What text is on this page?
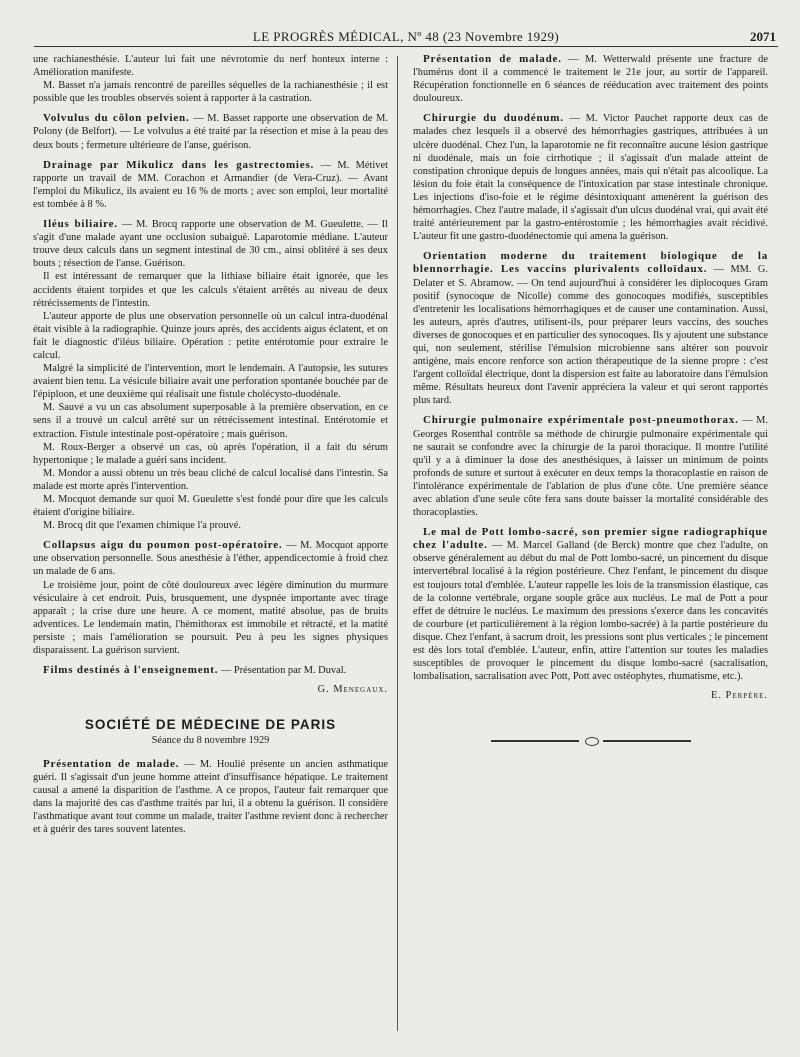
LE PROGRÈS MÉDICAL, Nº 48 (23 Novembre 1929)	2071

une rachianesthésie. L'auteur lui fait une névrotomie du nerf honteux interne : Amélioration manifeste.

M. Basset n'a jamais rencontré de pareilles séquelles de la rachianesthésie ; il est possible que les troubles observés soient à rapporter à la castration.

Volvulus du côlon pelvien. — M. Basset rapporte une observation de M. Polony (de Belfort). — Le volvulus a été traité par la résection et mise à la peau des deux bouts ; fermeture ultérieure de l'anse, guérison.

Drainage par Mikulicz dans les gastrectomies. — M. Métivet rapporte un travail de MM. Corachon et Armandier (de Vera-Cruz). — Avant l'emploi du Mikulicz, ils avaient eu 16 % de morts ; avec son emploi, leur mortalité est tombée à 8 %.

Iléus biliaire. — M. Brocq rapporte une observation de M. Gueulette. — Il s'agit d'une malade ayant une occlusion subaiguë. Laparotomie médiane. L'auteur trouve deux calculs dans un segment intestinal de 30 cm., ainsi oblitéré à ses deux bouts ; résection de l'anse. Guérison.

Il est intéressant de remarquer que la lithiase biliaire était ignorée, que les accidents étaient torpides et que les calculs s'étaient arrêtés au niveau de deux rétrécissements de l'intestin.

L'auteur apporte de plus une observation personnelle où un calcul intra-duodénal était visible à la radiographie. Quinze jours après, des accidents aigus éclatent, et on fait le diagnostic d'iléus biliaire. Opération : petite entérotomie pour extraire le calcul.

Malgré la simplicité de l'intervention, mort le lendemain. A l'autopsie, les sutures avaient bien tenu. La vésicule biliaire avait une perforation spontanée bouchée par de l'épiploon, et une deuxième qui réalisait une fistule cholécysto-duodénale.

M. Sauvé a vu un cas absolument superposable à la première observation, en ce sens il a trouvé un calcul arrêté sur un rétrécissement intestinal. Entérotomie et extraction. Fistule intestinale post-opératoire ; mais guérison.

M. Roux-Berger a observé un cas, où après l'opération, il a fait du sérum hypertonique ; le malade a guéri sans incident.

M. Mondor a aussi obtenu un très beau cliché de calcul localisé dans l'intestin. Sa malade est morte après l'intervention.

M. Mocquot demande sur quoi M. Gueulette s'est fondé pour dire que les calculs étaient d'origine biliaire.

M. Brocq dit que l'examen chimique l'a prouvé.

Collapsus aigu du poumon post-opératoire. — M. Mocquot apporte une observation personnelle. Sous anesthésie à l'éther, appendicectomie à froid chez un malade de 6 ans.

Le troisième jour, point de côté douloureux avec légère diminution du murmure vésiculaire à cet endroit. Puis, brusquement, une dyspnée importante avec tirage apparaît ; la crise dure une heure. A ce moment, matité absolue, pas de bruits adventices. Le lendemain matin, l'hémithorax est immobile et rétracté, et la matité persiste ; mais l'amélioration se poursuit. Peu à peu les signes physiques disparaissent. La guérison survient.

Films destinés à l'enseignement. — Présentation par M. Duval.

G. Menegaux.
SOCIÉTÉ DE MÉDECINE DE PARIS
Séance du 8 novembre 1929

Présentation de malade. — M. Houlié présente un ancien asthmatique guéri. Il s'agissait d'un jeune homme atteint d'insuffisance hépatique. Le traitement causal a amené la disparition de l'asthme. A ce propos, l'auteur fait remarquer que dans la majorité des cas d'asthme traités par lui, il a obtenu la guérison. Il considère l'asthmatique avant tout comme un malade, traiter l'asthme revient donc à rechercher et à guérir des tares souvent latentes.

Présentation de malade. — M. Wetterwald présente une fracture de l'humérus dont il a commencé le traitement le 21e jour, au sortir de l'appareil. Récupération fonctionnelle en 6 séances de rééducation avec traitement des points douloureux.

Chirurgie du duodénum. — M. Victor Pauchet rapporte deux cas de malades chez lesquels il a observé des hémorrhagies gastriques, attribuées à un ulcère duodénal. Chez l'un, la laparotomie ne fit reconnaître aucune lésion gastrique ni duodénale, mais un foie cirrhotique ; il s'agissait d'un malade atteint de constipation chronique depuis de longues années, mais qui n'était pas alcoolique. La lésion du foie était la conséquence de l'intoxication par stase intestinale chronique. Les injections d'iso-foie et le régime désintoxiquant amenèrent la guérison des hémorrhagies. Chez l'autre malade, il s'agissait d'un ulcus duodénal vrai, qui avait été traité antérieurement par la gastro-entérostomie ; les hémorrhagies avait récidivé. L'auteur fit une gastro-duodénectomie qui amena la guérison.

Orientation moderne du traitement biologique de la blennorrhagie. Les vaccins plurivalents colloïdaux. — MM. G. Delater et S. Abramow. — On tend aujourd'hui à considérer les diplocoques Gram positif (synocoque de Nicolle) comme des gonocoques modifiés, susceptibles d'entretenir les localisations hémorrhagiques et de causer une contamination. Aussi, les auteurs, après d'autres, utilisent-ils, pour préparer leurs vaccins, des souches diverses de gonocoques et en particulier des synocoques. Ils y ajoutent une substance qui, non seulement, stérilise l'émulsion microbienne sans altérer son pouvoir antigène, mais encore renforce son action thérapeutique de la sienne propre : c'est l'argent colloïdal électrique, dont la dispersion est faite au laboratoire dans l'émulsion même. Résultats heureux dont l'avenir appréciera la valeur et qui seront rapportés plus tard.

Chirurgie pulmonaire expérimentale post-pneumothorax. — M. Georges Rosenthal contrôle sa méthode de chirurgie pulmonaire expérimentale qui ne saurait se confondre avec la chirurgie de la paroi thoracique. Il montre l'utilité qu'il y a à diminuer la dose des anesthésiques, à laisser un minimum de points profonds de suture et surtout à exécuter en deux temps la thoracoplastie en raison de l'intolérance expérimentale de l'ablation de plus d'une côte. Une première séance avec ablation d'une seule côte fera sans doute baisser la mortalité considérable des thoracoplasties.

Le mal de Pott lombo-sacré, son premier signe radiographique chez l'adulte. — M. Marcel Galland (de Berck) montre que chez l'adulte, on observe généralement au début du mal de Pott lombo-sacré, un pincement du disque intervertébral localisé à la région postérieure. Chez l'enfant, le pincement du disque est toujours total d'emblée. L'auteur rappelle les lois de la transmission élastique, cas de la colonne vertébrale, organe souple grâce aux nucléus. Le mal de Pott a pour effet de détruire le nucléus. Le maximum des pressions s'exerce dans les concavités de courbure (et particulièrement à la région lombo-sacrée) à la partie postérieure du disque. Chez l'enfant, à sacrum droit, les pressions sont plus verticales ; le pincement est dès lors total d'emblée. L'auteur, enfin, attire l'attention sur toutes les maladies susceptibles de provoquer le pincement du disque lombo-sacré (sacralisation, lombalisation, sacralisation avec Pott, Pott avec ostéophytes, rhumatisme, etc.).

E. Perpère.
